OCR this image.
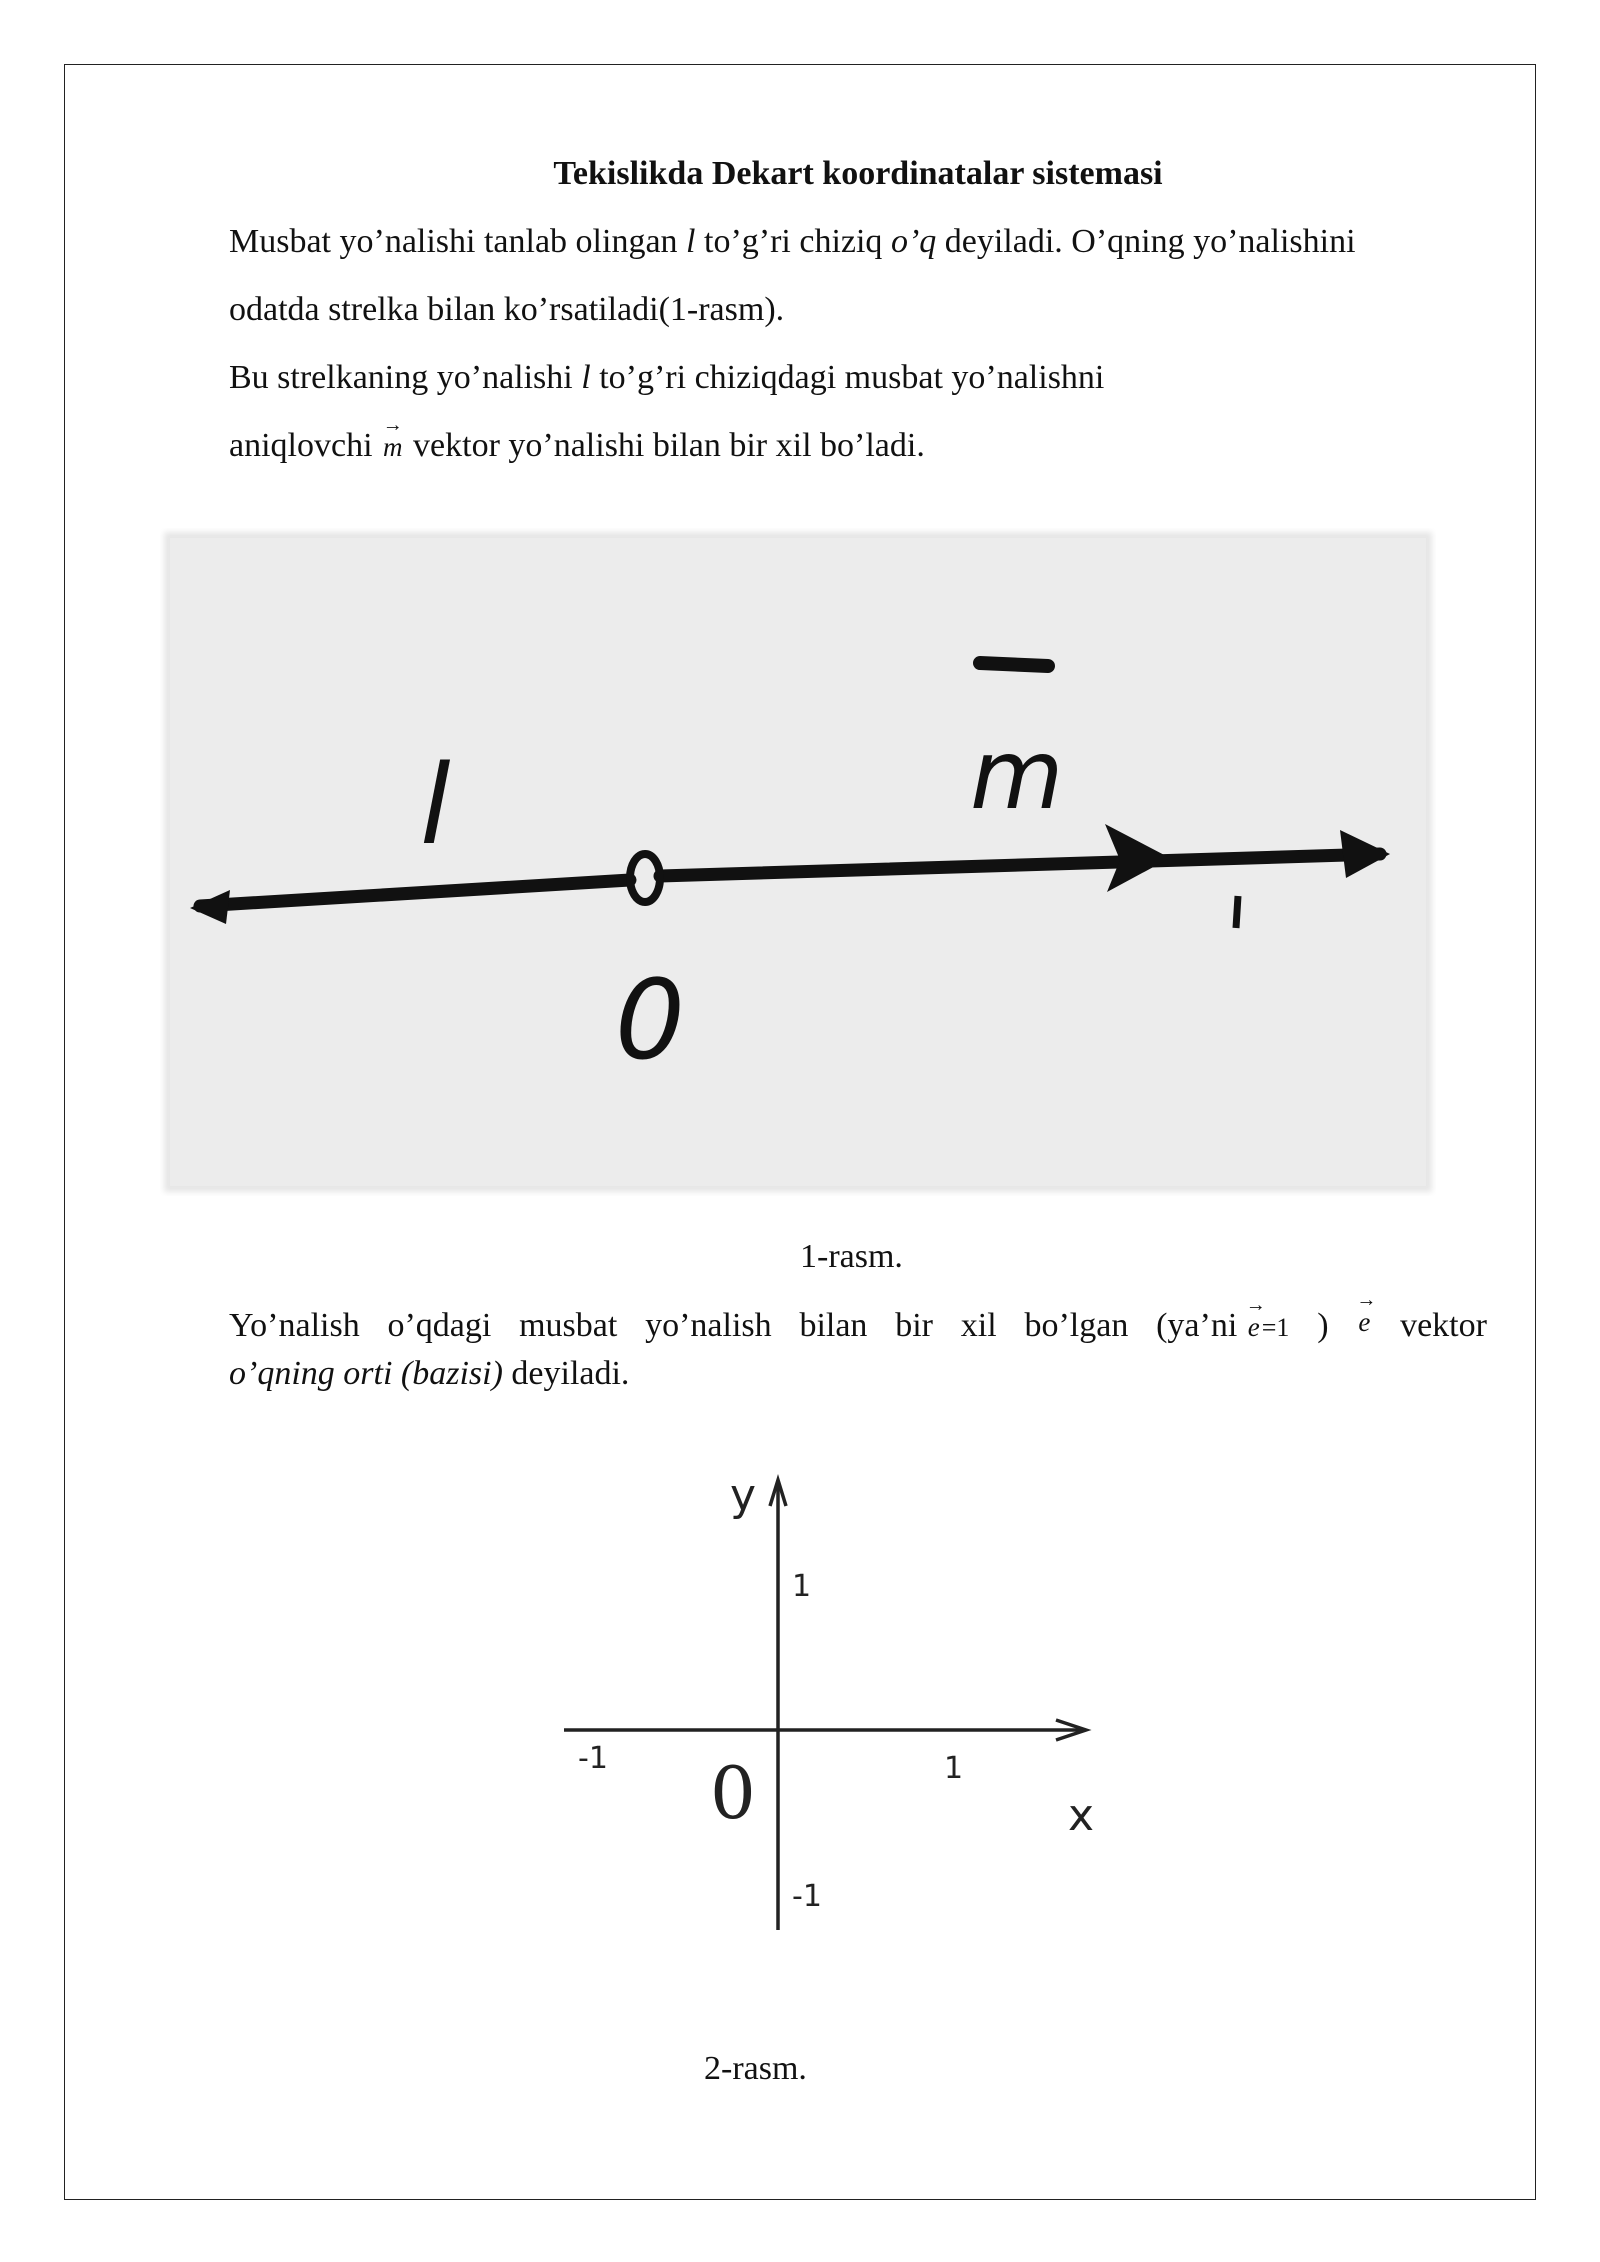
Tekislikda Dekart koordinatalar sistemasi
Musbat yo’nalishi tanlab olingan l to’g’ri chiziq o’q deyiladi. O’qning yo’nalishini
odatda strelka bilan ko’rsatiladi(1-rasm).
Bu strelkaning yo’nalishi l to’g’ri chiziqdagi musbat yo’nalishni
aniqlovchi → m vektor yo’nalishi bilan bir xil bo’ladi.
l	m
0
1-rasm.
Yo’nalish o’qdagi musbat yo’nalish bilan bir xil bo’lgan (ya’ni → e=1 ) → e vektor
o’qning orti (bazisi) deyiladi.
y
x
0
1
-1
1
-1
2-rasm.
